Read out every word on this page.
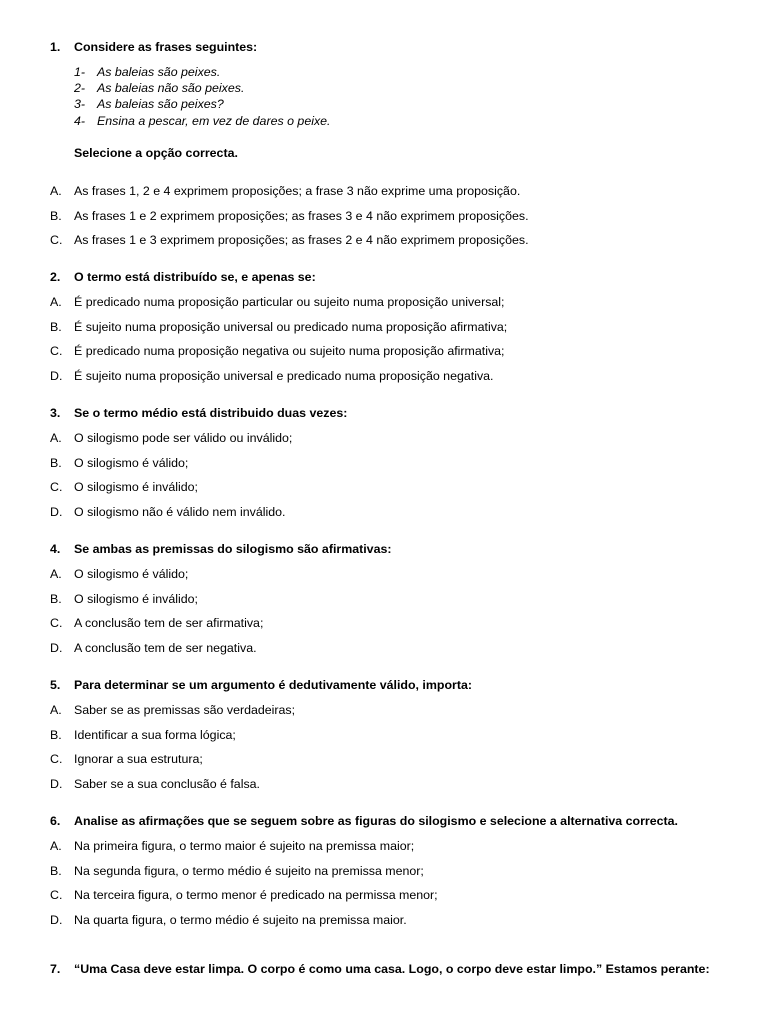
1.	Considere as frases seguintes:
1- As baleias são peixes.
2- As baleias não são peixes.
3- As baleias são peixes?
4- Ensina a pescar, em vez de dares o peixe.
Selecione a opção correcta.
A. As frases 1, 2 e 4 exprimem proposições; a frase 3 não exprime uma proposição.
B. As frases 1 e 2 exprimem proposições; as frases 3 e 4 não exprimem proposições.
C. As frases 1 e 3 exprimem proposições; as frases 2 e 4 não exprimem proposições.
2.	O termo está distribuído se, e apenas se:
A. É predicado numa proposição particular ou sujeito numa proposição universal;
B. É sujeito numa proposição universal ou predicado numa proposição afirmativa;
C. É predicado numa proposição negativa ou sujeito numa proposição afirmativa;
D. É sujeito numa proposição universal e predicado numa proposição negativa.
3.	Se o termo médio está distribuido duas vezes:
A. O silogismo pode ser válido ou inválido;
B. O silogismo é válido;
C. O silogismo é inválido;
D. O silogismo não é válido nem inválido.
4.	Se ambas as premissas do silogismo são afirmativas:
A. O silogismo é válido;
B. O silogismo é inválido;
C. A conclusão tem de ser afirmativa;
D. A conclusão tem de ser negativa.
5.	Para determinar se um argumento é dedutivamente válido, importa:
A. Saber se as premissas são verdadeiras;
B. Identificar a sua forma lógica;
C. Ignorar a sua estrutura;
D. Saber se a sua conclusão é falsa.
6.	Analise as afirmações que se seguem sobre as figuras do silogismo e selecione a alternativa correcta.
A. Na primeira figura, o termo maior é sujeito na premissa maior;
B. Na segunda figura, o termo médio é sujeito na premissa menor;
C. Na terceira figura, o termo menor é predicado na permissa menor;
D. Na quarta figura, o termo médio é sujeito na premissa maior.
7.	“Uma Casa deve estar limpa. O corpo é como uma casa. Logo, o corpo deve estar limpo.” Estamos perante:
